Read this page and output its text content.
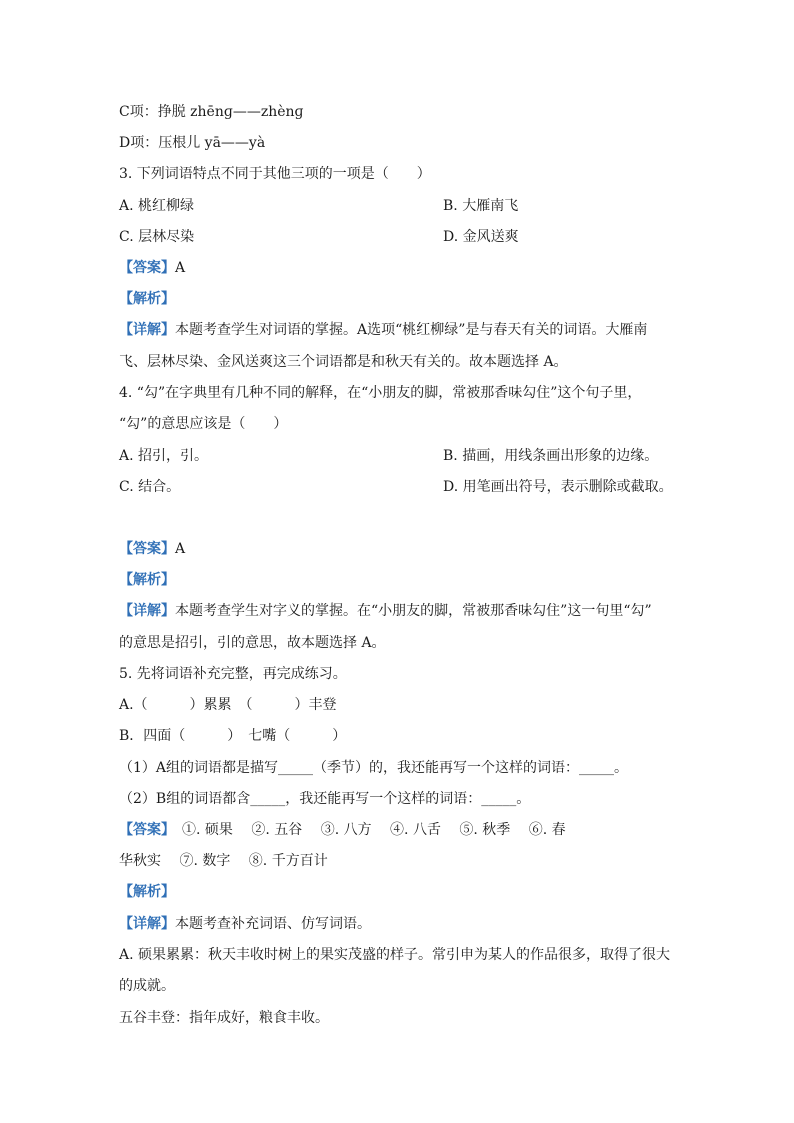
C项：挣脱 zhēnɡ——zhènɡ
D项：压根儿 yā——yà
3. 下列词语特点不同于其他三项的一项是（　　）
A. 桃红柳绿	B. 大雁南飞
C. 层林尽染	D. 金风送爽
【答案】A
【解析】
【详解】本题考查学生对词语的掌握。A选项“桃红柳绿”是与春天有关的词语。大雁南
飞、层林尽染、金风送爽这三个词语都是和秋天有关的。故本题选择 A。
4. “勾”在字典里有几种不同的解释，在“小朋友的脚，常被那香味勾住”这个句子里，
“勾”的意思应该是（　　）
A. 招引，引。	B. 描画，用线条画出形象的边缘。
C. 结合。	D. 用笔画出符号，表示删除或截取。
【答案】A
【解析】
【详解】本题考查学生对字义的掌握。在“小朋友的脚，常被那香味勾住”这一句里“勾”
的意思是招引，引的意思，故本题选择 A。
5. 先将词语补充完整，再完成练习。
A.（　　　）累累　（　　　）丰登
B．四面（　　　）　七嘴（　　　）
（1）A组的词语都是描写_____（季节）的，我还能再写一个这样的词语：_____。
（2）B组的词语都含_____，我还能再写一个这样的词语：_____。
【答案】　①. 硕果　 ②. 五谷　 ③. 八方　 ④. 八舌　 ⑤. 秋季　 ⑥. 春
华秋实　 ⑦. 数字　 ⑧. 千方百计
【解析】
【详解】本题考查补充词语、仿写词语。
A. 硕果累累：秋天丰收时树上的果实茂盛的样子。常引申为某人的作品很多，取得了很大
的成就。
五谷丰登：指年成好，粮食丰收。
